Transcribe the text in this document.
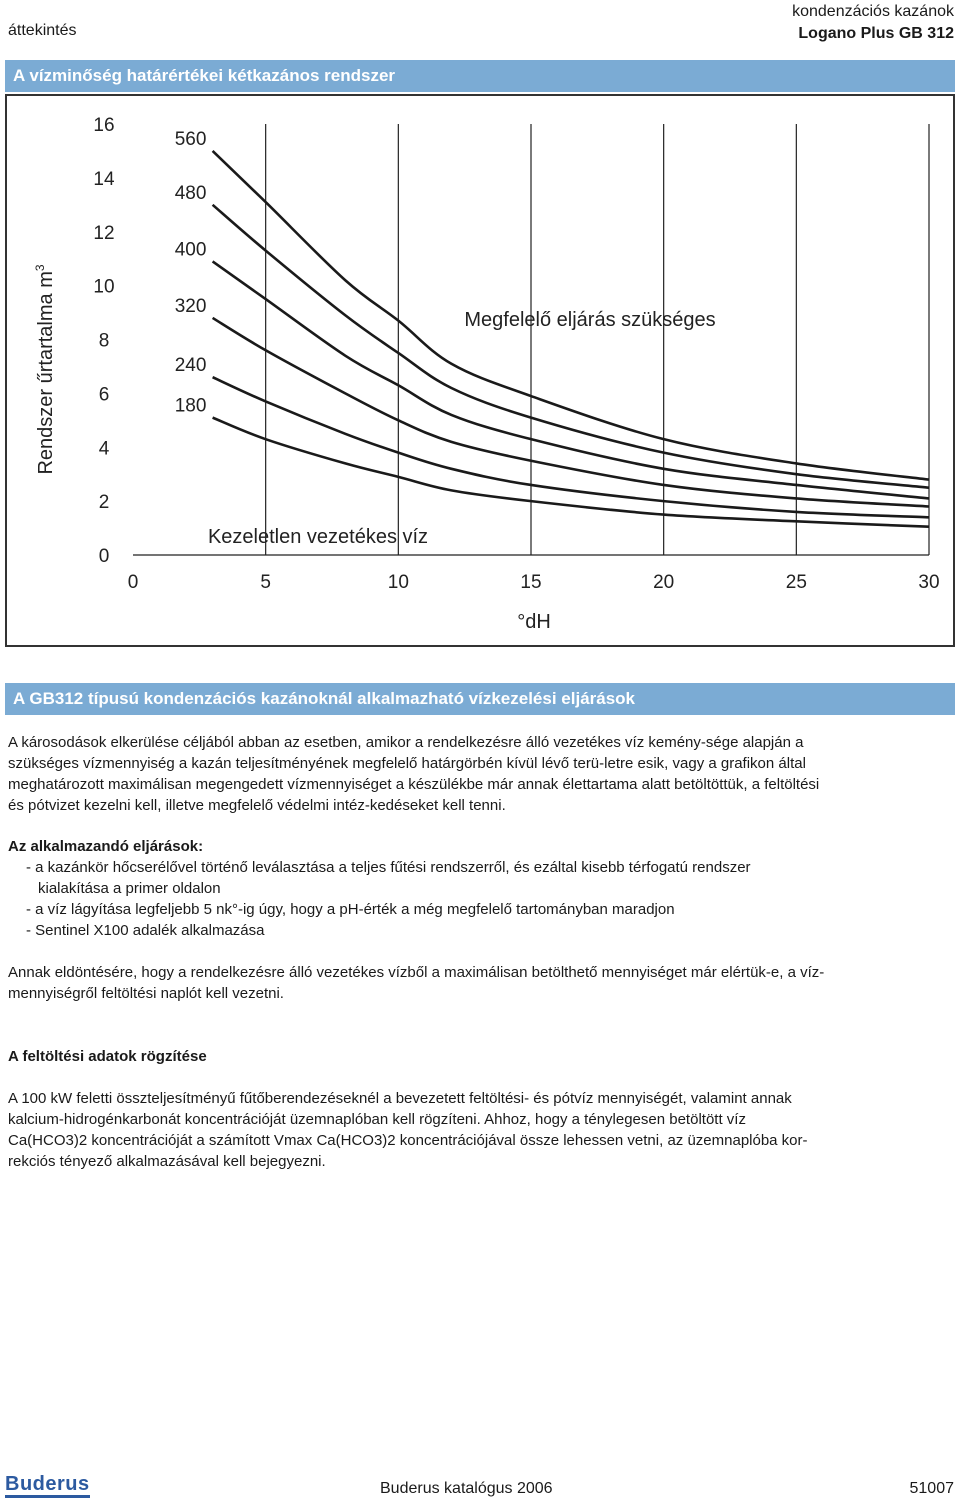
áttekintés
kondenzációs kazánok
Logano Plus GB 312
A vízminőség határértékei kétkazános rendszer
0
2
4
6
8
10
12
14
16
0	5	10	15	20	25	30
°dH
Rendszer űrtartalma $m^3$
560
480
400
320
240
180
Megfelelő eljárás szükséges
Kezeletlen vezetékes víz
A GB312 típusú kondenzációs kazánoknál alkalmazható vízkezelési eljárások
A károsodások elkerülése céljából abban az esetben, amikor a rendelkezésre álló vezetékes víz kemény-sége alapján a
szükséges vízmennyiség a kazán teljesítményének megfelelő határgörbén kívül lévő terü-letre esik, vagy a grafikon által
meghatározott maximálisan megengedett vízmennyiséget a készülékbe már annak élettartama alatt betöltöttük, a feltöltési
és pótvizet kezelni kell, illetve megfelelő védelmi intéz-kedéseket kell tenni.
Az alkalmazandó eljárások:
- a kazánkör hőcserélővel történő leválasztása a teljes fűtési rendszerről, és ezáltal kisebb térfogatú rendszer
kialakítása a primer oldalon
- a víz lágyítása legfeljebb 5 nk°-ig úgy, hogy a pH-érték a még megfelelő tartományban maradjon
- Sentinel X100 adalék alkalmazása
Annak eldöntésére, hogy a rendelkezésre álló vezetékes vízből a maximálisan betölthető mennyiséget már elértük-e, a víz-
mennyiségről feltöltési naplót kell vezetni.
A feltöltési adatok rögzítése
A 100 kW feletti összteljesítményű fűtőberendezéseknél a bevezetett feltöltési- és pótvíz mennyiségét, valamint annak
kalcium-hidrogénkarbonát koncentrációját üzemnaplóban kell rögzíteni. Ahhoz, hogy a ténylegesen betöltött víz
Ca(HCO3)2 koncentrációját a számított Vmax Ca(HCO3)2 koncentrációjával össze lehessen vetni, az üzemnaplóba kor-
rekciós tényező alkalmazásával kell bejegyezni.
Buderus	Buderus katalógus 2006	51007
